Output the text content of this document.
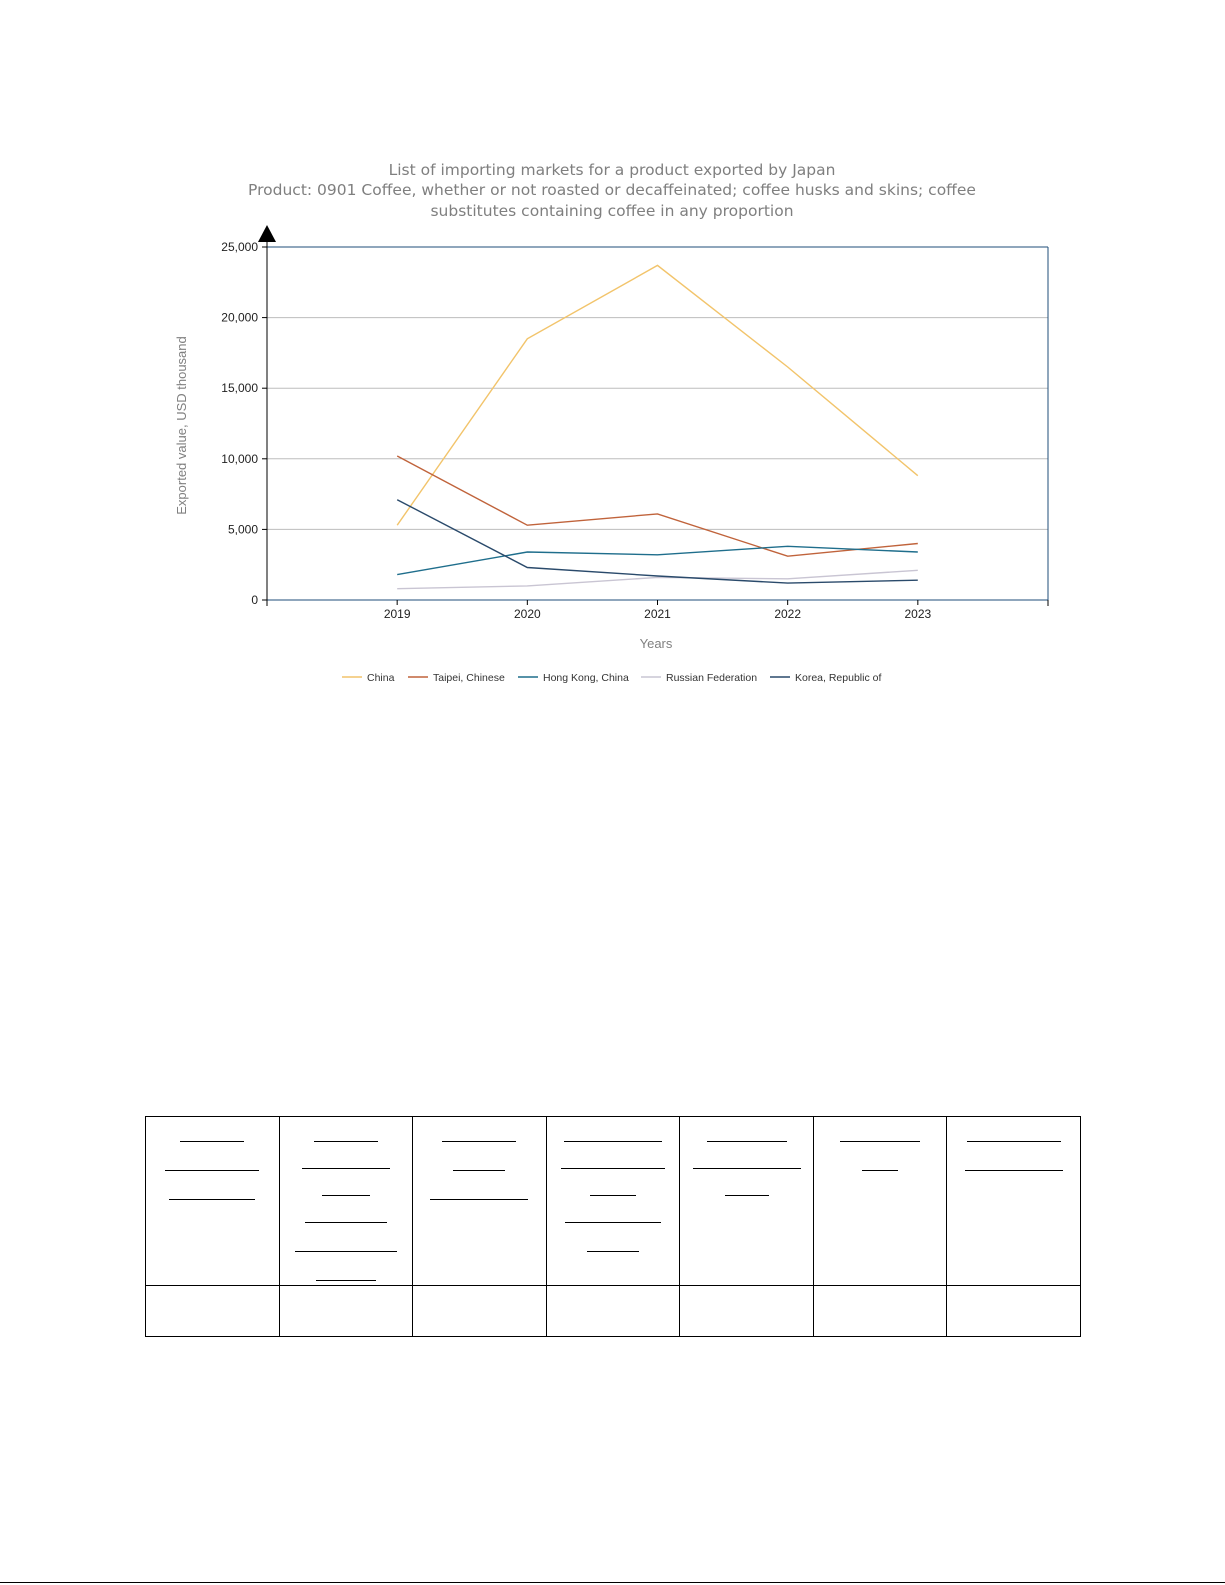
List of importing markets for a product exported by Japan
Product: 0901 Coffee, whether or not roasted or decaffeinated; coffee husks and skins; coffee
substitutes containing coffee in any proportion
Years
Exported value, USD thousand
0
5,000
10,000
15,000
20,000
25,000
2019	2020	2021	2022	2023
China	Taipei, Chinese	Hong Kong, China	Russian Federation	Korea, Republic of
